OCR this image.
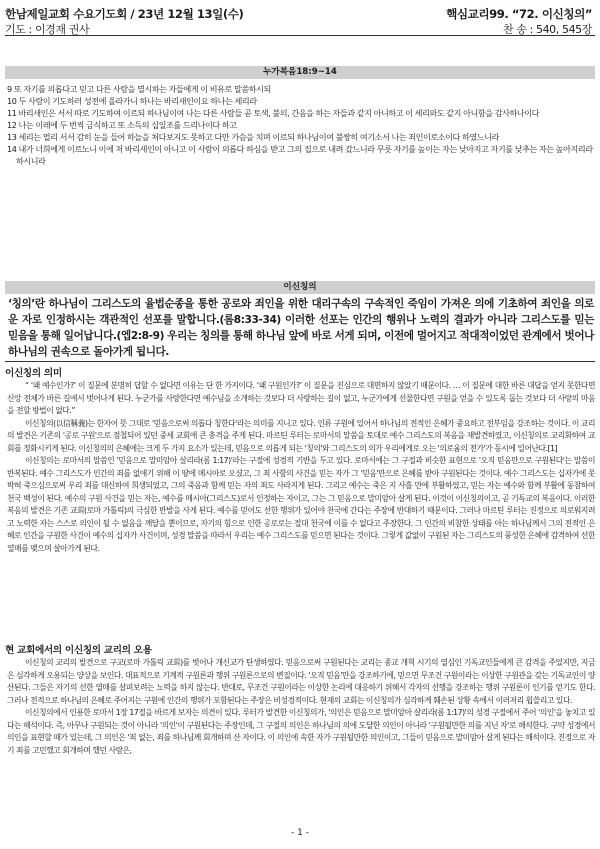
한남제일교회 수요기도회 / 23년 12월 13일(수)	핵심교리99. “72. 이신칭의”
기도 : 이경재 권사	찬 송 : 540, 545장
누가복음18:9~14

9 또 자기를 의롭다고 믿고 다른 사람을 멸시하는 자들에게 이 비유로 말씀하시되

10 두 사람이 기도하러 성전에 올라가니 하나는 바리새인이요 하나는 세리라

11 바리새인은 서서 따로 기도하여 이르되 하나님이여 나는 다른 사람들 곧 토색, 불의, 간음을 하는 자들과 같지 아니하고 이 세리와도 같지 아니함을 감사하나이다

12 나는 이레에 두 번씩 금식하고 또 소득의 십일조를 드리나이다 하고

13 세리는 멀리 서서 감히 눈을 들어 하늘을 쳐다보지도 못하고 다만 가슴을 치며 이르되 하나님이여 불쌍히 여기소서 나는 죄인이로소이다 하였느니라

14 내가 너희에게 이르노니 이에 저 바리새인이 아니고 이 사람이 의롭다 하심을 받고 그의 집으로 내려 갔느니라 무릇 자기를 높이는 자는 낮아지고 자기를 낮추는 자는 높아지리라 하시니라

이신칭의
‘칭의’란 하나님이 그리스도의 율법순종을 통한 공로와 죄인을 위한 대리구속의 구속적인 죽임이 가져온 의에 기초하여 죄인을 의로운 자로 인정하시는 객관적인 선포를 말합니다.(롬8:33-34) 이러한 선포는 인간의 행위나 노력의 결과가 아니라 그리스도를 믿는 믿음을 통해 일어납니다.(엡2:8-9) 우리는 칭의를 통해 하나님 앞에 바로 서게 되며, 이전에 멀어지고 적대적이었던 관계에서 벗어나 하나님의 권속으로 돌아가게 됩니다.
이신칭의 의미

“ ‘왜 예수인가?’ 이 질문에 분명히 답할 수 없다면 이유는 단 한 가지이다. ‘왜 구원인가?’ 이 질문을 진심으로 대면하지 않았기 때문이다. … 이 질문에 대한 바른 대답을 얻지 못한다면 신앙 전체가 바른 길에서 벗어나게 된다. 누군가를 사랑한다면 예수님을 소개하는 것보다 더 사랑하는 길이 없고, 누군가에게 선물한다면 구원을 얻을 수 있도록 돕는 것보다 더 사랑의 마음을 전할 방법이 없다.”

이신칭의(以信稱義)는 한자어 뜻 그대로 '믿음으로써 의롭다 칭한다'라는 의미를 지니고 있다. 인류 구원에 있어서 하나님의 전적인 은혜가 중요하고 전부임을 강조하는 것이다. 이 교리의 발견은 기존의 '공로 구원'으로 점철되어 있던 중세 교회에 큰 충격을 주게 된다. 마르틴 루터는 로마서의 말씀을 토대로 예수 그리스도의 복음을 재발견하였고, 이신칭의로 교리화하여 교회를 정화시키게 된다. 이신칭의의 은혜에는 크게 두 가지 요소가 있는데, 믿음으로 의롭게 되는 '칭의'와 그리스도의 의가 우리에게로 오는 '의로움의 전가'가 동시에 일어난다.[1]

이신칭의는 로마서의 말씀인 '믿음으로 말미암아 살리라(롬 1:17)'라는 구절에 성경적 기반을 두고 있다. 로마서에는 그 구절과 비슷한 표현으로 '오직 믿음만으로 구원된다'는 말씀이 반복된다. 예수 그리스도가 인간의 죄를 없애기 위해 이 땅에 메시아로 오셨고, 그 죄 사함의 사건을 믿는 자가 그 '믿음'만으로 은혜를 받아 구원된다는 것이다. 예수 그리스도는 십자가에 못박혀 죽으심으로써 우리 죄를 대신하여 희생되었고, 그의 죽음과 함께 믿는 자의 죄도 사라지게 된다. 그리고 예수는 죽은 지 사흘 만에 부활하였고, 믿는 자는 예수와 함께 부활에 동참하여 천국 백성이 된다. 예수의 구원 사건을 믿는 자는, 예수를 메시아(그리스도)로서 인정하는 자이고, 그는 그 믿음으로 말미암아 살게 된다. 이것이 이신칭의이고, 곧 기독교의 복음이다. 이러한 복음의 발견은 기존 교회(로마 가톨릭)의 극심한 반발을 사게 된다. 예수를 믿어도 선한 행위가 있어야 천국에 간다는 주장에 반대하기 때문이다. 그러나 마르틴 루터는 진정으로 의로워지려고 노력한 자는 스스로 의인이 될 수 없음을 깨달을 뿐이므로, 자기의 힘으로 인한 공로로는 절대 천국에 이를 수 없다고 주장한다. 그 인간의 비참한 상태를 아는 하나님께서 그의 전적인 은혜로 인간을 구원한 사건이 예수의 십자가 사건이며, 성경 말씀을 따라서 우리는 예수 그리스도를 믿으면 된다는 것이다. 그렇게 값없이 구원된 자는 그리스도의 풍성한 은혜에 감격하여 선한 열매를 맺으며 살아가게 된다.

현 교회에서의 이신칭의 교리의 오용

이신칭의 교리의 발견으로 구교(로마 가톨릭 교회)를 벗어나 개신교가 탄생하였다. 믿음으로써 구원된다는 교리는 종교 개혁 시기의 열심인 기독교인들에게 큰 감격을 주었지만, 지금은 심각하게 오용되는 양상을 보인다. 대표적으로 기계적 구원론과 행위 구원론으로의 변질이다. '오직 믿음'만을 강조하기에, 믿으면 무조건 구원이라는 이상한 구원관을 갖는 기독교인이 양산된다. 그들은 자기의 선한 열매를 살펴보려는 노력을 하지 않는다. 반대로, 무조건 구원이라는 이상한 논리에 대응하기 위해서 각자의 선행을 강조하는 행위 구원론이 인기를 얻기도 한다. 그러나 전적으로 하나님의 은혜로 주어지는 구원에 인간의 행위가 포함된다는 주장은 비성경적이다. 현재의 교회는 이신칭의가 심각하게 훼손된 상황 속에서 이러저리 휩쓸리고 있다.

이신칭의에서 인용한 로마서 1장 17절을 바르게 보자는 의견이 있다. 루터가 발견한 이신칭의가, '의인은 믿음으로 말미암아 살리라(롬 1:17)'의 성경 구절에서 주어 '의인'을 놓치고 있다는 해석이다. 즉, 아무나 구원되는 것이 아니라 '의인'이 구원된다는 주장인데, 그 구절의 의인은 하나님의 의에 도달한 의인이 아니라 '구원될만한 의를 지닌 자'로 해석한다. 구약 성경에서 의인을 표현할 때가 있는데, 그 의인은 '죄 없는, 죄를 하나님께 회개하며 산 자이다. 이 의인에 속한 자가 구원될만한 의인이고, 그들이 믿음으로 말미암아 살게 된다는 해석이다. 진정으로 자기 죄를 고민했고 회개하며 했던 사람은,

- 1 -
